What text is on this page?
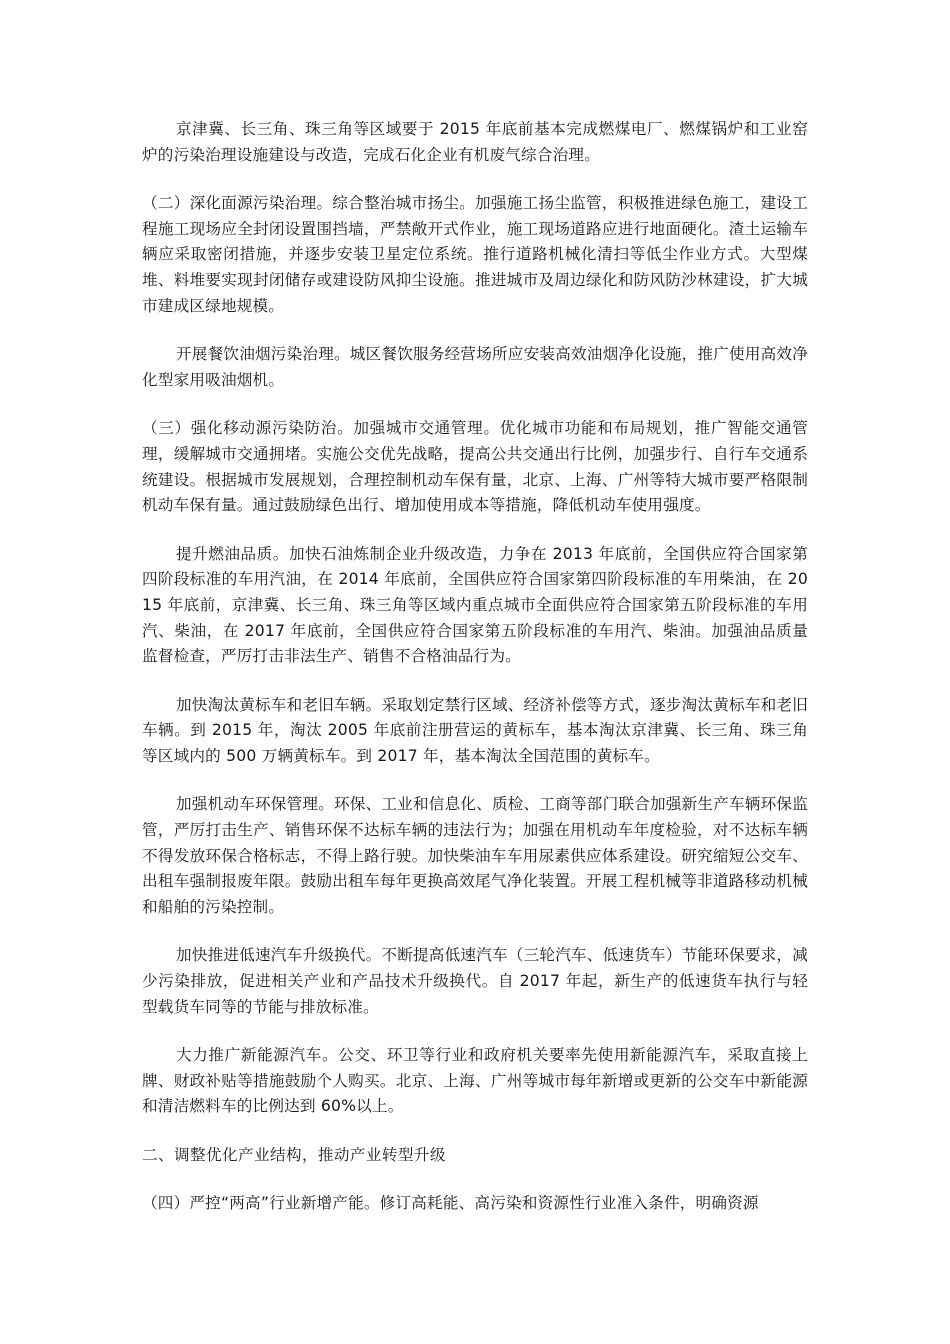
京津冀、长三角、珠三角等区域要于 2015 年底前基本完成燃煤电厂、燃煤锅炉和工业窑炉的污染治理设施建设与改造，完成石化企业有机废气综合治理。

（二）深化面源污染治理。综合整治城市扬尘。加强施工扬尘监管，积极推进绿色施工，建设工程施工现场应全封闭设置围挡墙，严禁敞开式作业，施工现场道路应进行地面硬化。渣土运输车辆应采取密闭措施，并逐步安装卫星定位系统。推行道路机械化清扫等低尘作业方式。大型煤堆、料堆要实现封闭储存或建设防风抑尘设施。推进城市及周边绿化和防风防沙林建设，扩大城市建成区绿地规模。

开展餐饮油烟污染治理。城区餐饮服务经营场所应安装高效油烟净化设施，推广使用高效净化型家用吸油烟机。

（三）强化移动源污染防治。加强城市交通管理。优化城市功能和布局规划，推广智能交通管理，缓解城市交通拥堵。实施公交优先战略，提高公共交通出行比例，加强步行、自行车交通系统建设。根据城市发展规划，合理控制机动车保有量，北京、上海、广州等特大城市要严格限制机动车保有量。通过鼓励绿色出行、增加使用成本等措施，降低机动车使用强度。

提升燃油品质。加快石油炼制企业升级改造，力争在 2013 年底前，全国供应符合国家第四阶段标准的车用汽油，在 2014 年底前，全国供应符合国家第四阶段标准的车用柴油，在 2015 年底前，京津冀、长三角、珠三角等区域内重点城市全面供应符合国家第五阶段标准的车用汽、柴油，在 2017 年底前，全国供应符合国家第五阶段标准的车用汽、柴油。加强油品质量监督检查，严厉打击非法生产、销售不合格油品行为。

加快淘汰黄标车和老旧车辆。采取划定禁行区域、经济补偿等方式，逐步淘汰黄标车和老旧车辆。到 2015 年，淘汰 2005 年底前注册营运的黄标车，基本淘汰京津冀、长三角、珠三角等区域内的 500 万辆黄标车。到 2017 年，基本淘汰全国范围的黄标车。

加强机动车环保管理。环保、工业和信息化、质检、工商等部门联合加强新生产车辆环保监管，严厉打击生产、销售环保不达标车辆的违法行为；加强在用机动车年度检验，对不达标车辆不得发放环保合格标志，不得上路行驶。加快柴油车车用尿素供应体系建设。研究缩短公交车、出租车强制报废年限。鼓励出租车每年更换高效尾气净化装置。开展工程机械等非道路移动机械和船舶的污染控制。

加快推进低速汽车升级换代。不断提高低速汽车（三轮汽车、低速货车）节能环保要求，减少污染排放，促进相关产业和产品技术升级换代。自 2017 年起，新生产的低速货车执行与轻型载货车同等的节能与排放标准。

大力推广新能源汽车。公交、环卫等行业和政府机关要率先使用新能源汽车，采取直接上牌、财政补贴等措施鼓励个人购买。北京、上海、广州等城市每年新增或更新的公交车中新能源和清洁燃料车的比例达到 60%以上。

二、调整优化产业结构，推动产业转型升级

（四）严控“两高”行业新增产能。修订高耗能、高污染和资源性行业准入条件，明确资源
